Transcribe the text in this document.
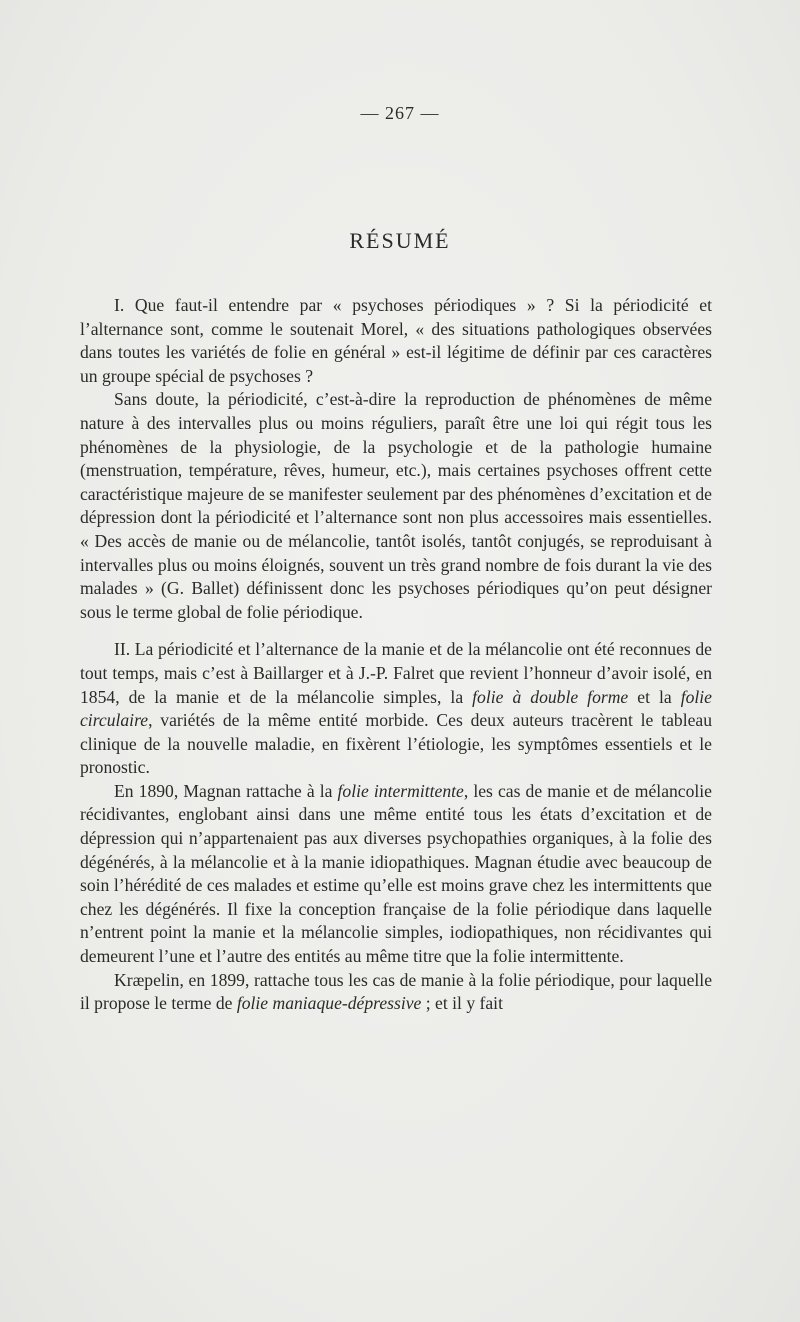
— 267 —
RÉSUMÉ

I. Que faut-il entendre par « psychoses périodiques » ? Si la périodicité et l’alternance sont, comme le soutenait Morel, « des situations pathologiques observées dans toutes les variétés de folie en général » est-il légitime de définir par ces caractères un groupe spécial de psychoses ?

Sans doute, la périodicité, c’est-à-dire la reproduction de phénomènes de même nature à des intervalles plus ou moins réguliers, paraît être une loi qui régit tous les phénomènes de la physiologie, de la psychologie et de la pathologie humaine (menstruation, température, rêves, humeur, etc.), mais certaines psychoses offrent cette caractéristique majeure de se manifester seulement par des phénomènes d’excitation et de dépression dont la périodicité et l’alternance sont non plus accessoires mais essentielles. « Des accès de manie ou de mélancolie, tantôt isolés, tantôt conjugés, se reproduisant à intervalles plus ou moins éloignés, souvent un très grand nombre de fois durant la vie des malades » (G. Ballet) définissent donc les psychoses périodiques qu’on peut désigner sous le terme global de folie périodique.

II. La périodicité et l’alternance de la manie et de la mélancolie ont été reconnues de tout temps, mais c’est à Baillarger et à J.-P. Falret que revient l’honneur d’avoir isolé, en 1854, de la manie et de la mélancolie simples, la folie à double forme et la folie circulaire, variétés de la même entité morbide. Ces deux auteurs tracèrent le tableau clinique de la nouvelle maladie, en fixèrent l’étiologie, les symptômes essentiels et le pronostic.

En 1890, Magnan rattache à la folie intermittente, les cas de manie et de mélancolie récidivantes, englobant ainsi dans une même entité tous les états d’excitation et de dépression qui n’appartenaient pas aux diverses psychopathies organiques, à la folie des dégénérés, à la mélancolie et à la manie idiopathiques. Magnan étudie avec beaucoup de soin l’hérédité de ces malades et estime qu’elle est moins grave chez les intermittents que chez les dégénérés. Il fixe la conception française de la folie périodique dans laquelle n’entrent point la manie et la mélancolie simples, iodiopathiques, non récidivantes qui demeurent l’une et l’autre des entités au même titre que la folie intermittente.

Kræpelin, en 1899, rattache tous les cas de manie à la folie périodique, pour laquelle il propose le terme de folie maniaque-dépressive ; et il y fait
